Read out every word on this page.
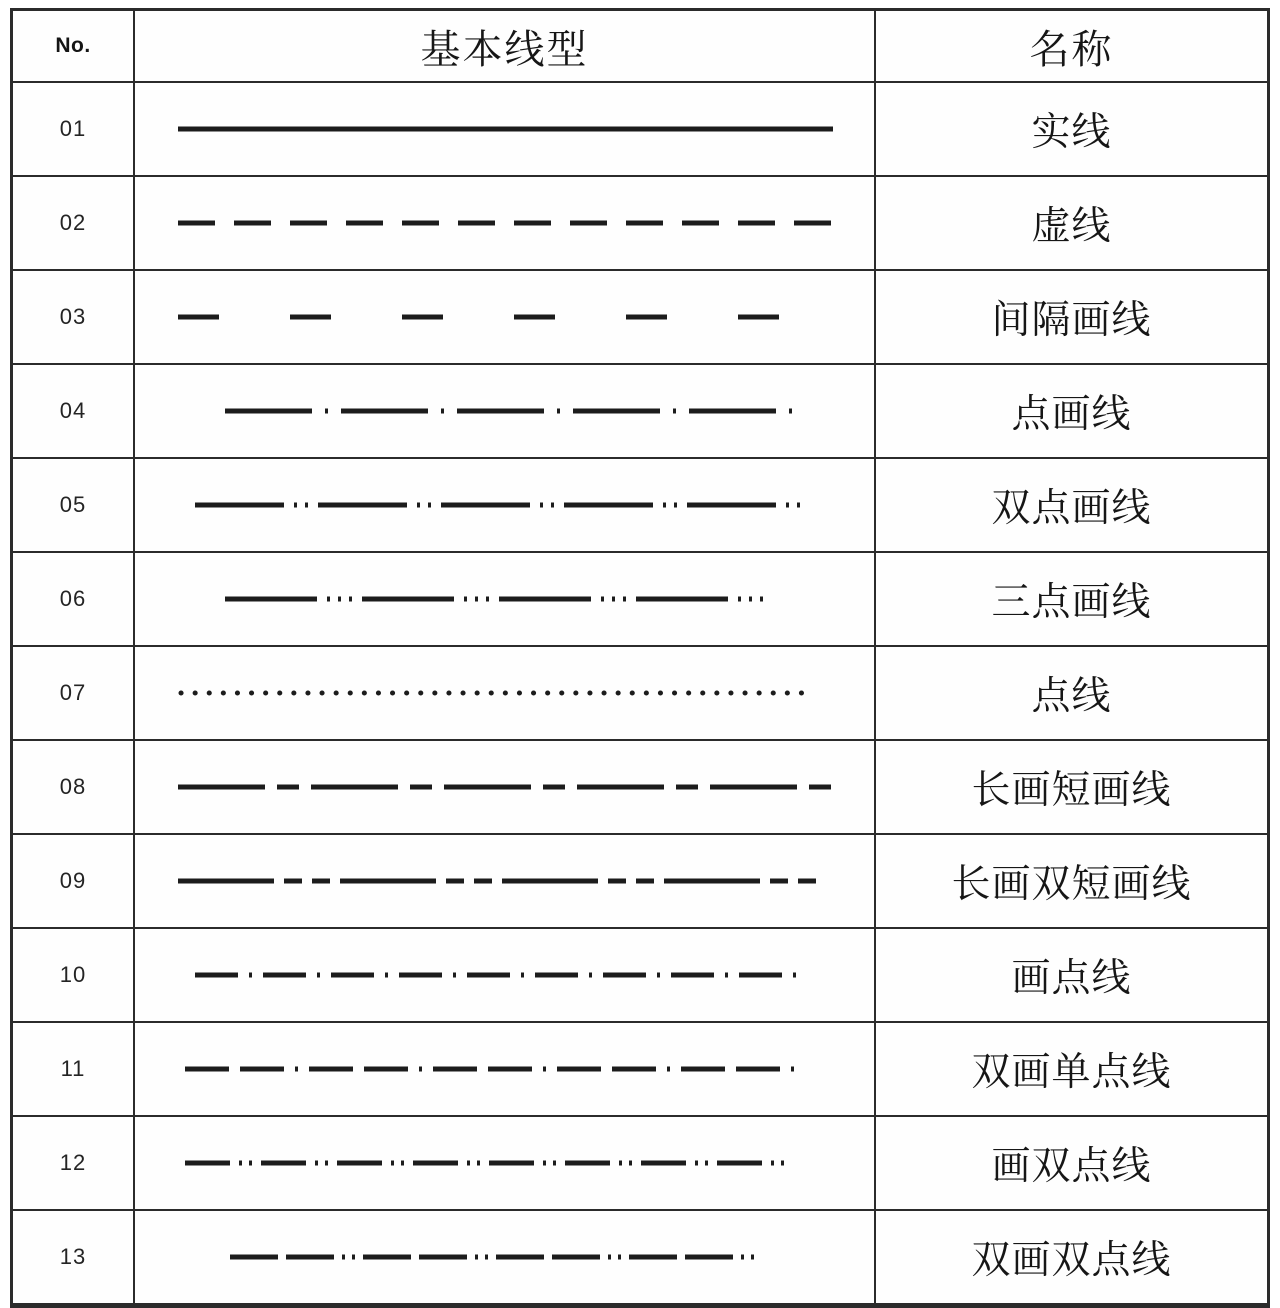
No.	基本线型	名称
01	实线
02	虚线
03	间隔画线
04	点画线
05	双点画线
06	三点画线
07	点线
08	长画短画线
09	长画双短画线
10	画点线
11	双画单点线
12	画双点线
13	双画双点线
